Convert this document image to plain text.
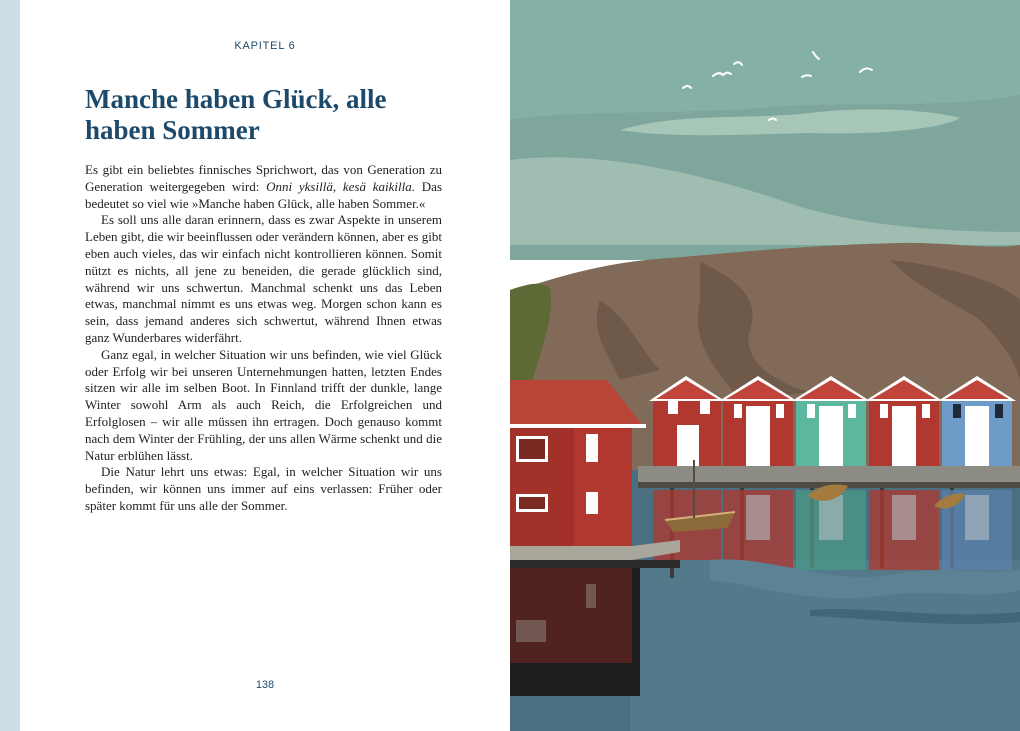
KAPITEL 6
Manche haben Glück, alle haben Sommer

Es gibt ein beliebtes finnisches Sprichwort, das von Generation zu Generation weitergegeben wird: Onni yksillä, kesä kaikilla. Das bedeutet so viel wie »Manche haben Glück, alle haben Sommer.«

Es soll uns alle daran erinnern, dass es zwar Aspekte in unserem Leben gibt, die wir beeinflussen oder verändern können, aber es gibt eben auch vieles, das wir einfach nicht kontrollieren können. Somit nützt es nichts, all jene zu beneiden, die gerade glücklich sind, während wir uns schwertun. Manchmal schenkt uns das Leben etwas, manchmal nimmt es uns etwas weg. Morgen schon kann es sein, dass jemand anderes sich schwertut, während Ihnen etwas ganz Wunderbares widerfährt.

Ganz egal, in welcher Situation wir uns befinden, wie viel Glück oder Erfolg wir bei unseren Unternehmungen hatten, letzten Endes sitzen wir alle im selben Boot. In Finnland trifft der dunkle, lange Winter sowohl Arm als auch Reich, die Erfolgreichen und Erfolglosen – wir alle müssen ihn ertragen. Doch genauso kommt nach dem Winter der Frühling, der uns allen Wärme schenkt und die Natur erblühen lässt.

Die Natur lehrt uns etwas: Egal, in welcher Situation wir uns befinden, wir können uns immer auf eins verlassen: Früher oder später kommt für uns alle der Sommer.

138
